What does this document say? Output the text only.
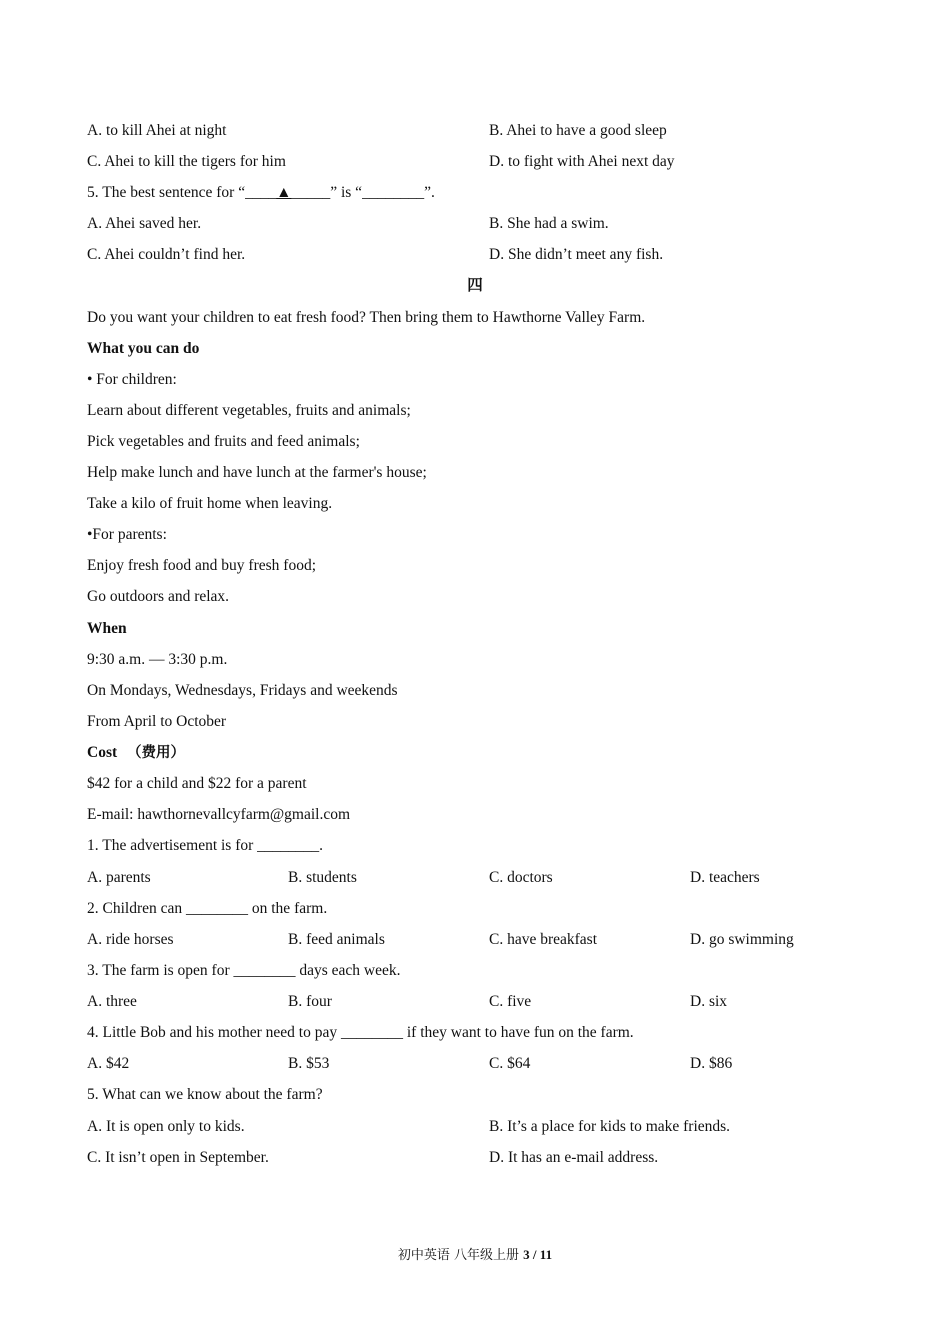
A. to kill Ahei at night	B. Ahei to have a good sleep
C. Ahei to kill the tigers for him	D. to fight with Ahei next day
5. The best sentence for “____▲_____” is “________”.
A. Ahei saved her.	B. She had a swim.
C. Ahei couldn’t find her.	D. She didn’t meet any fish.
四
Do you want your children to eat fresh food? Then bring them to Hawthorne Valley Farm.
What you can do
• For children:
Learn about different vegetables, fruits and animals;
Pick vegetables and fruits and feed animals;
Help make lunch and have lunch at the farmer's house;
Take a kilo of fruit home when leaving.
•For parents:
Enjoy fresh food and buy fresh food;
Go outdoors and relax.
When
9:30 a.m. — 3:30 p.m.
On Mondays, Wednesdays, Fridays and weekends
From April to October
Cost （费用）
$42 for a child and $22 for a parent
E-mail: hawthornevallcyfarm@gmail.com
1. The advertisement is for ________.
A. parents	B. students	C. doctors	D. teachers
2. Children can ________ on the farm.
A. ride horses	B. feed animals	C. have breakfast	D. go swimming
3. The farm is open for ________ days each week.
A. three	B. four	C. five	D. six
4. Little Bob and his mother need to pay ________ if they want to have fun on the farm.
A. $42	B. $53	C. $64	D. $86
5. What can we know about the farm?
A. It is open only to kids.	B. It’s a place for kids to make friends.
C. It isn’t open in September.	D. It has an e-mail address.
初中英语 八年级上册 3 / 11
